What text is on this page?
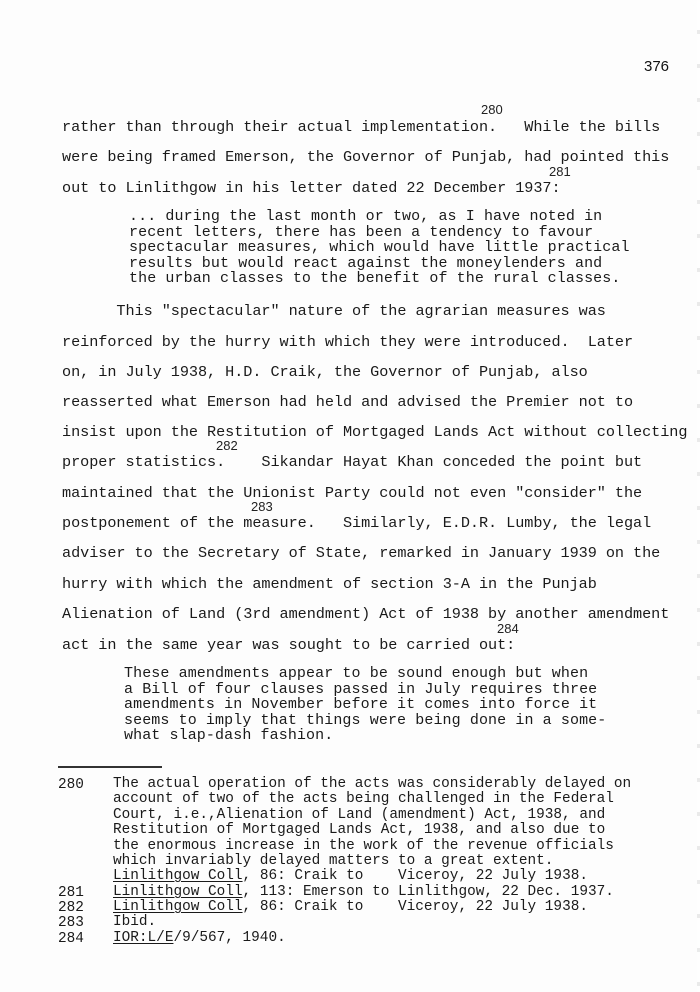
376
280
rather than through their actual implementation.   While the bills
were being framed Emerson, the Governor of Punjab, had pointed this
281
out to Linlithgow in his letter dated 22 December 1937:
... during the last month or two, as I have noted in
recent letters, there has been a tendency to favour
spectacular measures, which would have little practical
results but would react against the moneylenders and
the urban classes to the benefit of the rural classes.
This "spectacular" nature of the agrarian measures was
reinforced by the hurry with which they were introduced.  Later
on, in July 1938, H.D. Craik, the Governor of Punjab, also
reasserted what Emerson had held and advised the Premier not to
insist upon the Restitution of Mortgaged Lands Act without collecting
282
proper statistics.    Sikandar Hayat Khan conceded the point but
maintained that the Unionist Party could not even "consider" the
283
postponement of the measure.   Similarly, E.D.R. Lumby, the legal
adviser to the Secretary of State, remarked in January 1939 on the
hurry with which the amendment of section 3-A in the Punjab
Alienation of Land (3rd amendment) Act of 1938 by another amendment
284
act in the same year was sought to be carried out:
These amendments appear to be sound enough but when
a Bill of four clauses passed in July requires three
amendments in November before it comes into force it
seems to imply that things were being done in a some-
what slap-dash fashion.
280 The actual operation of the acts was considerably delayed on
account of two of the acts being challenged in the Federal
Court, i.e.,Alienation of Land (amendment) Act, 1938, and
Restitution of Mortgaged Lands Act, 1938, and also due to
the enormous increase in the work of the revenue officials
which invariably delayed matters to a great extent.
Linlithgow Coll, 86: Craik to    Viceroy, 22 July 1938.
281 Linlithgow Coll, 113: Emerson to Linlithgow, 22 Dec. 1937.
282 Linlithgow Coll, 86: Craik to    Viceroy, 22 July 1938.
283 Ibid.
284 IOR:L/E/9/567, 1940.
